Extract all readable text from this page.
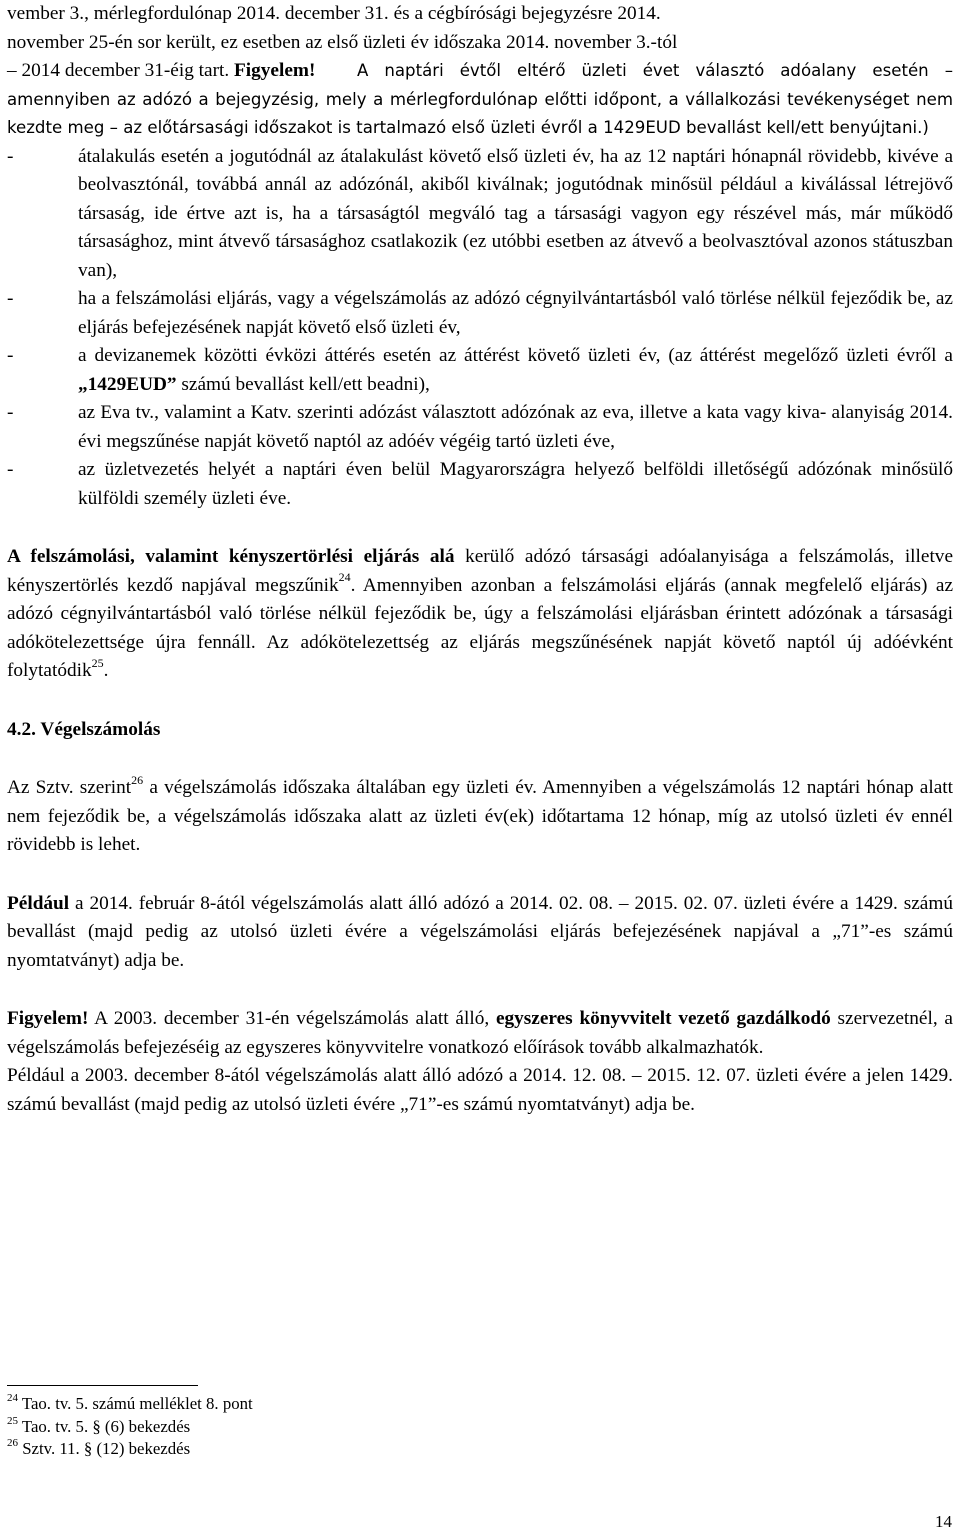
vember 3., mérlegfordulónap 2014. december 31. és a cégbírósági bejegyzésre 2014.
november 25-én sor került, ez esetben az első üzleti év időszaka 2014. november 3.-tól
– 2014 december 31-éig tart. Figyelem!	A naptári évtől eltérő üzleti évet választó adóalany esetén – amennyiben az adózó a bejegyzésig, mely a mérlegfordulónap előtti időpont, a vállalkozási tevékenységet nem kezdte meg – az előtársasági időszakot is tartalmazó első üzleti évről a 1429EUD bevallást kell/ett benyújtani.)

-	átalakulás esetén a jogutódnál az átalakulást követő első üzleti év, ha az 12 naptári hónapnál rövidebb, kivéve a beolvasztónál, továbbá annál az adózónál, akiből kiválnak; jogutódnak minősül például a kiválással létrejövő társaság, ide értve azt is, ha a társaságtól megváló tag a társasági vagyon egy részével más, már működő társasághoz, mint átvevő társasághoz csatlakozik (ez utóbbi esetben az átvevő a beolvasztóval azonos státuszban van),
-	ha a felszámolási eljárás, vagy a végelszámolás az adózó cégnyilvántartásból való törlése nélkül fejeződik be, az eljárás befejezésének napját követő első üzleti év,
-	a devizanemek közötti évközi áttérés esetén az áttérést követő üzleti év, (az áttérést megelőző üzleti évről a „1429EUD” számú bevallást kell/ett beadni),
-	az Eva tv., valamint a Katv. szerinti adózást választott adózónak az eva, illetve a kata vagy kiva- alanyiság 2014. évi megszűnése napját követő naptól az adóév végéig tartó üzleti éve,
-	az üzletvezetés helyét a naptári éven belül Magyarországra helyező belföldi illetőségű adózónak minősülő külföldi személy üzleti éve.

A felszámolási, valamint kényszertörlési eljárás alá kerülő adózó társasági adóalanyisága a felszámolás, illetve kényszertörlés kezdő napjával megszűnik$^{24}$. Amennyiben azonban a felszámolási eljárás (annak megfelelő eljárás) az adózó cégnyilvántartásból való törlése nélkül fejeződik be, úgy a felszámolási eljárásban érintett adózónak a társasági adókötelezettsége újra fennáll. Az adókötelezettség az eljárás megszűnésének napját követő naptól új adóévként folytatódik$^{25}$.

4.2. Végelszámolás

Az Sztv. szerint$^{26}$ a végelszámolás időszaka általában egy üzleti év. Amennyiben a végelszámolás 12 naptári hónap alatt nem fejeződik be, a végelszámolás időszaka alatt az üzleti év(ek) időtartama 12 hónap, míg az utolsó üzleti év ennél rövidebb is lehet.

Például a 2014. február 8-ától végelszámolás alatt álló adózó a 2014. 02. 08. – 2015. 02. 07. üzleti évére a 1429. számú bevallást (majd pedig az utolsó üzleti évére a végelszámolási eljárás befejezésének napjával a „71”-es számú nyomtatványt) adja be.

Figyelem! A 2003. december 31-én végelszámolás alatt álló, egyszeres könyvvitelt vezető gazdálkodó szervezetnél, a végelszámolás befejezéséig az egyszeres könyvvitelre vonatkozó előírások tovább alkalmazhatók.

Például a 2003. december 8-ától végelszámolás alatt álló adózó a 2014. 12. 08. – 2015. 12. 07. üzleti évére a jelen 1429. számú bevallást (majd pedig az utolsó üzleti évére „71”-es számú nyomtatványt) adja be.

$^{24}$ Tao. tv. 5. számú melléklet 8. pont
$^{25}$ Tao. tv. 5. § (6) bekezdés
$^{26}$ Sztv. 11. § (12) bekezdés
14
